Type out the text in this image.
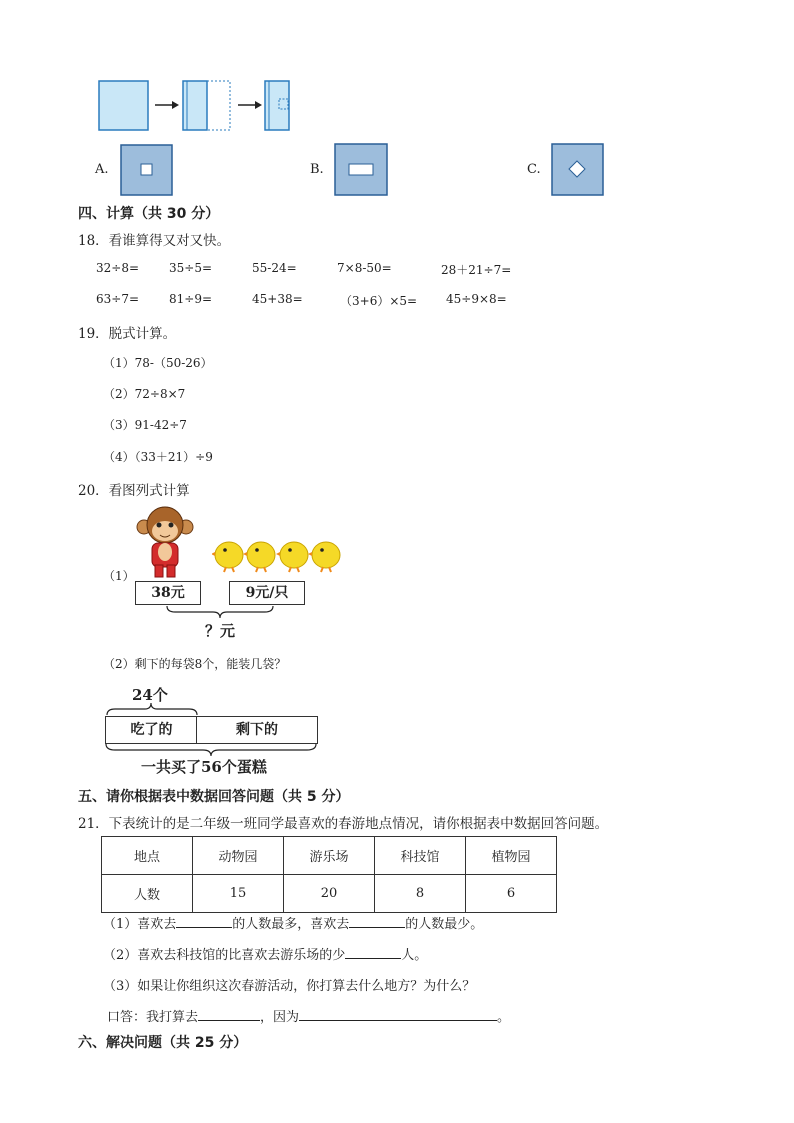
A.	B.	C.
四、计算（共 30 分）
18．看谁算得又对又快。
32÷8= 35÷5=	55-24=	7×8-50=	28＋21÷7=
63÷7= 81÷9=	45+38=	（3+6）×5= 45÷9×8=
19．脱式计算。
（1）78-（50-26）
（2）72÷8×7
（3）91-42÷7
（4）（33＋21）÷9
20．看图列式计算
（1）
38元	9元/只
？元
（2）剩下的每袋8个，能装几袋？
24个
吃了的	剩下的
一共买了56个蛋糕
五、请你根据表中数据回答问题（共 5 分）
21．下表统计的是二年级一班同学最喜欢的春游地点情况，请你根据表中数据回答问题。
地点	动物园	游乐场	科技馆	植物园
人数	15	20	8	6
（1）喜欢去	的人数最多，喜欢去	的人数最少。
（2）喜欢去科技馆的比喜欢去游乐场的少	人。
（3）如果让你组织这次春游活动，你打算去什么地方？为什么？
口答：我打算去	，因为	。
六、解决问题（共 25 分）
